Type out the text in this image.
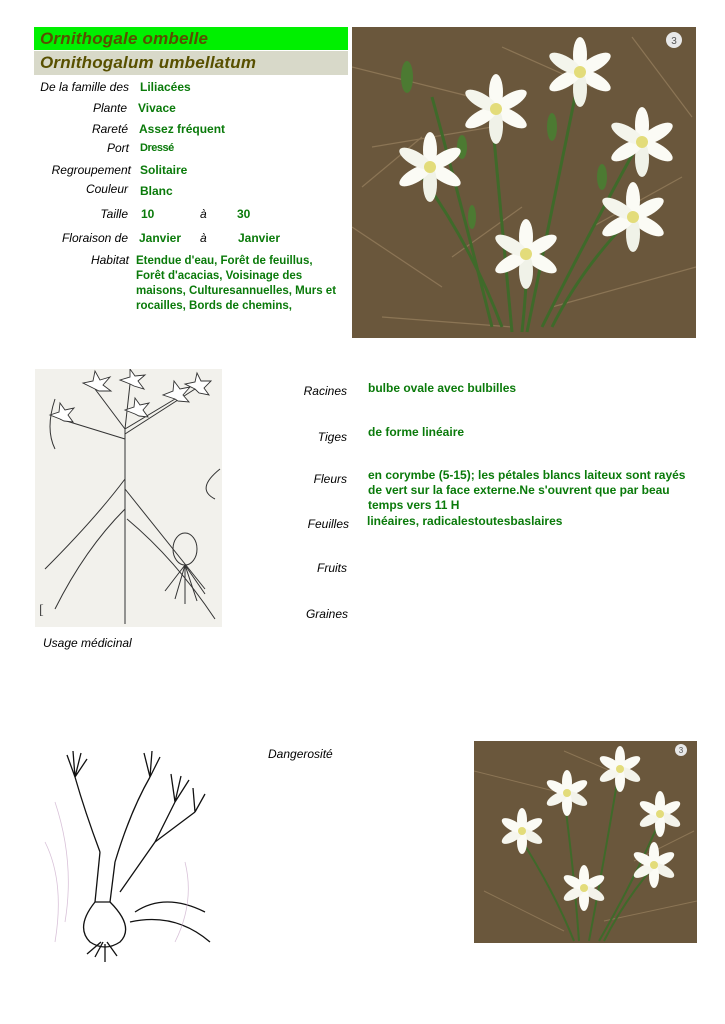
Ornithogale ombelle
Ornithogalum umbellatum
De la famille des Liliacées
Plante Vivace
Rareté Assez fréquent
Port Dressé
Regroupement Solitaire
Couleur Blanc
Taille 10	à	30
Floraison de Janvier à	Janvier
Habitat Etendue d'eau, Forêt de feuillus, Forêt d'acacias, Voisinage des maisons, Culturesannuelles, Murs et rocailles, Bords de chemins,
3
[
Racines bulbe ovale avec bulbilles
Tiges de forme linéaire
Fleurs en corymbe (5-15); les pétales blancs laiteux sont rayés de vert sur la face externe.Ne s'ouvrent que par beau temps vers 11 H
Feuilles linéaires, radicalestoutesbaslaires
Fruits
Graines
Usage médicinal
Dangerosité	3
